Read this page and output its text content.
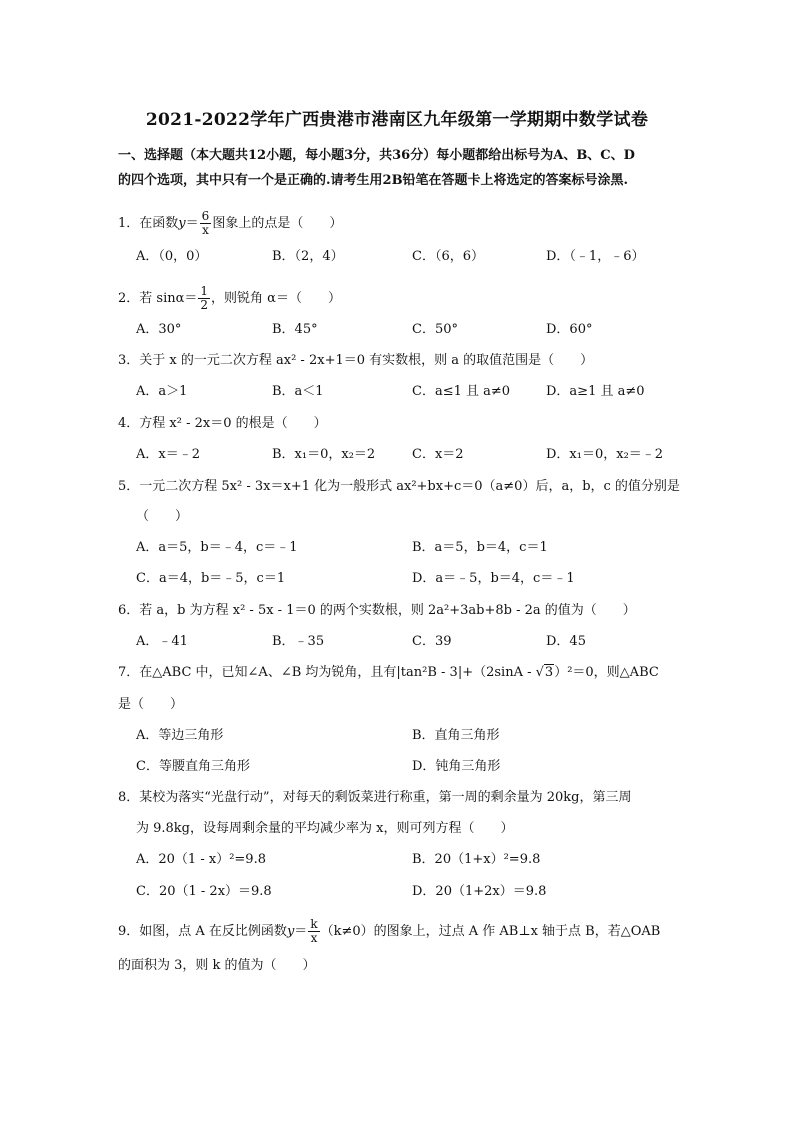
2021-2022学年广西贵港市港南区九年级第一学期期中数学试卷
一、选择题（本大题共12小题，每小题3分，共36分）每小题都给出标号为A、B、C、D
的四个选项，其中只有一个是正确的.请考生用2B铅笔在答题卡上将选定的答案标号涂黑.
1．在函数$y= \frac{6}{x}$ 图象上的点是（　　）
A．（0，0）	B．（2，4）	C．（6，6）	D．（﹣1，﹣6）
2．若 $\sin\alpha= \frac{1}{2}$ ，则锐角 α＝（　　）
A．30°	B．45°	C．50°	D．60°
3．关于 x 的一元二次方程 ax² - 2x+1＝0 有实数根，则 a 的取值范围是（　　）
A．a＞1	B．a＜1	C．a≤1 且 a≠0	D．a≥1 且 a≠0
4．方程 x² - 2x＝0 的根是（　　）
A．x＝﹣2	B．x₁＝0，x₂＝2	C．x＝2	D．x₁＝0，x₂＝﹣2
5．一元二次方程 5x² - 3x＝x+1 化为一般形式 ax²+bx+c＝0（a≠0）后，a，b，c 的值分别是
（　　）
A．a＝5，b＝﹣4，c＝﹣1	B．a＝5，b＝4，c＝1
C．a＝4，b＝﹣5，c＝1	D．a＝﹣5，b＝4，c＝﹣1
6．若 a，b 为方程 x² - 5x - 1＝0 的两个实数根，则 2a²+3ab+8b - 2a 的值为（　　）
A．﹣41	B．﹣35	C．39	D．45
7．在△ABC 中，已知∠A、∠B 均为锐角，且有|tan²B - 3|+（2sinA - √3）²＝0，则△ABC
是（　　）
A．等边三角形	B．直角三角形
C．等腰直角三角形	D．钝角三角形
8．某校为落实“光盘行动”，对每天的剩饭菜进行称重，第一周的剩余量为 20kg，第三周
为 9.8kg，设每周剩余量的平均减少率为 x，则可列方程（　　）
A．20（1 - x）²=9.8	B．20（1+x）²=9.8
C．20（1 - 2x）＝9.8	D．20（1+2x）＝9.8
9．如图，点 A 在反比例函数$y= \frac{k}{x} (k\ne 0)$的图象上，过点 A 作 AB⊥x 轴于点 B，若△OAB
的面积为 3，则 k 的值为（　　）
